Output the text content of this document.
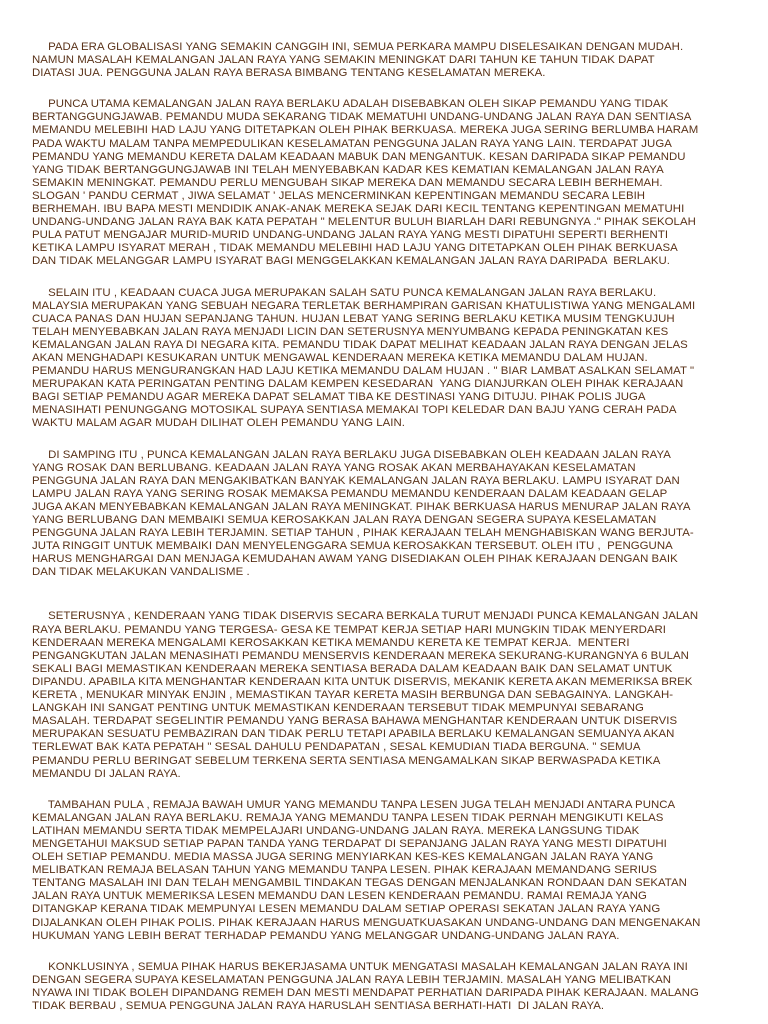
PADA ERA GLOBALISASI YANG SEMAKIN CANGGIH INI, SEMUA PERKARA MAMPU DISELESAIKAN DENGAN MUDAH.
NAMUN MASALAH KEMALANGAN JALAN RAYA YANG SEMAKIN MENINGKAT DARI TAHUN KE TAHUN TIDAK DAPAT
DIATASI JUA. PENGGUNA JALAN RAYA BERASA BIMBANG TENTANG KESELAMATAN MEREKA.
PUNCA UTAMA KEMALANGAN JALAN RAYA BERLAKU ADALAH DISEBABKAN OLEH SIKAP PEMANDU YANG TIDAK
BERTANGGUNGJAWAB. PEMANDU MUDA SEKARANG TIDAK MEMATUHI UNDANG-UNDANG JALAN RAYA DAN SENTIASA
MEMANDU MELEBIHI HAD LAJU YANG DITETAPKAN OLEH PIHAK BERKUASA. MEREKA JUGA SERING BERLUMBA HARAM
PADA WAKTU MALAM TANPA MEMPEDULIKAN KESELAMATAN PENGGUNA JALAN RAYA YANG LAIN. TERDAPAT JUGA
PEMANDU YANG MEMANDU KERETA DALAM KEADAAN MABUK DAN MENGANTUK. KESAN DARIPADA SIKAP PEMANDU
YANG TIDAK BERTANGGUNGJAWAB INI TELAH MENYEBABKAN KADAR KES KEMATIAN KEMALANGAN JALAN RAYA
SEMAKIN MENINGKAT. PEMANDU PERLU MENGUBAH SIKAP MEREKA DAN MEMANDU SECARA LEBIH BERHEMAH.
SLOGAN ' PANDU CERMAT , JIWA SELAMAT ' JELAS MENCERMINKAN KEPENTINGAN MEMANDU SECARA LEBIH
BERHEMAH. IBU BAPA MESTI MENDIDIK ANAK-ANAK MEREKA SEJAK DARI KECIL TENTANG KEPENTINGAN MEMATUHI
UNDANG-UNDANG JALAN RAYA BAK KATA PEPATAH " MELENTUR BULUH BIARLAH DARI REBUNGNYA ." PIHAK SEKOLAH
PULA PATUT MENGAJAR MURID-MURID UNDANG-UNDANG JALAN RAYA YANG MESTI DIPATUHI SEPERTI BERHENTI
KETIKA LAMPU ISYARAT MERAH , TIDAK MEMANDU MELEBIHI HAD LAJU YANG DITETAPKAN OLEH PIHAK BERKUASA
DAN TIDAK MELANGGAR LAMPU ISYARAT BAGI MENGGELAKKAN KEMALANGAN JALAN RAYA DARIPADA  BERLAKU.
SELAIN ITU , KEADAAN CUACA JUGA MERUPAKAN SALAH SATU PUNCA KEMALANGAN JALAN RAYA BERLAKU.
MALAYSIA MERUPAKAN YANG SEBUAH NEGARA TERLETAK BERHAMPIRAN GARISAN KHATULISTIWA YANG MENGALAMI
CUACA PANAS DAN HUJAN SEPANJANG TAHUN. HUJAN LEBAT YANG SERING BERLAKU KETIKA MUSIM TENGKUJUH
TELAH MENYEBABKAN JALAN RAYA MENJADI LICIN DAN SETERUSNYA MENYUMBANG KEPADA PENINGKATAN KES
KEMALANGAN JALAN RAYA DI NEGARA KITA. PEMANDU TIDAK DAPAT MELIHAT KEADAAN JALAN RAYA DENGAN JELAS
AKAN MENGHADAPI KESUKARAN UNTUK MENGAWAL KENDERAAN MEREKA KETIKA MEMANDU DALAM HUJAN.
PEMANDU HARUS MENGURANGKAN HAD LAJU KETIKA MEMANDU DALAM HUJAN . " BIAR LAMBAT ASALKAN SELAMAT "
MERUPAKAN KATA PERINGATAN PENTING DALAM KEMPEN KESEDARAN  YANG DIANJURKAN OLEH PIHAK KERAJAAN
BAGI SETIAP PEMANDU AGAR MEREKA DAPAT SELAMAT TIBA KE DESTINASI YANG DITUJU. PIHAK POLIS JUGA
MENASIHATI PENUNGGANG MOTOSIKAL SUPAYA SENTIASA MEMAKAI TOPI KELEDAR DAN BAJU YANG CERAH PADA
WAKTU MALAM AGAR MUDAH DILIHAT OLEH PEMANDU YANG LAIN.
DI SAMPING ITU , PUNCA KEMALANGAN JALAN RAYA BERLAKU JUGA DISEBABKAN OLEH KEADAAN JALAN RAYA
YANG ROSAK DAN BERLUBANG. KEADAAN JALAN RAYA YANG ROSAK AKAN MERBAHAYAKAN KESELAMATAN
PENGGUNA JALAN RAYA DAN MENGAKIBATKAN BANYAK KEMALANGAN JALAN RAYA BERLAKU. LAMPU ISYARAT DAN
LAMPU JALAN RAYA YANG SERING ROSAK MEMAKSA PEMANDU MEMANDU KENDERAAN DALAM KEADAAN GELAP
JUGA AKAN MENYEBABKAN KEMALANGAN JALAN RAYA MENINGKAT. PIHAK BERKUASA HARUS MENURAP JALAN RAYA
YANG BERLUBANG DAN MEMBAIKI SEMUA KEROSAKKAN JALAN RAYA DENGAN SEGERA SUPAYA KESELAMATAN
PENGGUNA JALAN RAYA LEBIH TERJAMIN. SETIAP TAHUN , PIHAK KERAJAAN TELAH MENGHABISKAN WANG BERJUTA-
JUTA RINGGIT UNTUK MEMBAIKI DAN MENYELENGGARA SEMUA KEROSAKKAN TERSEBUT. OLEH ITU ,  PENGGUNA
HARUS MENGHARGAI DAN MENJAGA KEMUDAHAN AWAM YANG DISEDIAKAN OLEH PIHAK KERAJAAN DENGAN BAIK
DAN TIDAK MELAKUKAN VANDALISME .
SETERUSNYA , KENDERAAN YANG TIDAK DISERVIS SECARA BERKALA TURUT MENJADI PUNCA KEMALANGAN JALAN
RAYA BERLAKU. PEMANDU YANG TERGESA- GESA KE TEMPAT KERJA SETIAP HARI MUNGKIN TIDAK MENYERDARI
KENDERAAN MEREKA MENGALAMI KEROSAKKAN KETIKA MEMANDU KERETA KE TEMPAT KERJA.  MENTERI
PENGANGKUTAN JALAN MENASIHATI PEMANDU MENSERVIS KENDERAAN MEREKA SEKURANG-KURANGNYA 6 BULAN
SEKALI BAGI MEMASTIKAN KENDERAAN MEREKA SENTIASA BERADA DALAM KEADAAN BAIK DAN SELAMAT UNTUK
DIPANDU. APABILA KITA MENGHANTAR KENDERAAN KITA UNTUK DISERVIS, MEKANIK KERETA AKAN MEMERIKSA BREK
KERETA , MENUKAR MINYAK ENJIN , MEMASTIKAN TAYAR KERETA MASIH BERBUNGA DAN SEBAGAINYA. LANGKAH-
LANGKAH INI SANGAT PENTING UNTUK MEMASTIKAN KENDERAAN TERSEBUT TIDAK MEMPUNYAI SEBARANG
MASALAH. TERDAPAT SEGELINTIR PEMANDU YANG BERASA BAHAWA MENGHANTAR KENDERAAN UNTUK DISERVIS
MERUPAKAN SESUATU PEMBAZIRAN DAN TIDAK PERLU TETAPI APABILA BERLAKU KEMALANGAN SEMUANYA AKAN
TERLEWAT BAK KATA PEPATAH " SESAL DAHULU PENDAPATAN , SESAL KEMUDIAN TIADA BERGUNA. " SEMUA
PEMANDU PERLU BERINGAT SEBELUM TERKENA SERTA SENTIASA MENGAMALKAN SIKAP BERWASPADA KETIKA
MEMANDU DI JALAN RAYA.
TAMBAHAN PULA , REMAJA BAWAH UMUR YANG MEMANDU TANPA LESEN JUGA TELAH MENJADI ANTARA PUNCA
KEMALANGAN JALAN RAYA BERLAKU. REMAJA YANG MEMANDU TANPA LESEN TIDAK PERNAH MENGIKUTI KELAS
LATIHAN MEMANDU SERTA TIDAK MEMPELAJARI UNDANG-UNDANG JALAN RAYA. MEREKA LANGSUNG TIDAK
MENGETAHUI MAKSUD SETIAP PAPAN TANDA YANG TERDAPAT DI SEPANJANG JALAN RAYA YANG MESTI DIPATUHI
OLEH SETIAP PEMANDU. MEDIA MASSA JUGA SERING MENYIARKAN KES-KES KEMALANGAN JALAN RAYA YANG
MELIBATKAN REMAJA BELASAN TAHUN YANG MEMANDU TANPA LESEN. PIHAK KERAJAAN MEMANDANG SERIUS
TENTANG MASALAH INI DAN TELAH MENGAMBIL TINDAKAN TEGAS DENGAN MENJALANKAN RONDAAN DAN SEKATAN
JALAN RAYA UNTUK MEMERIKSA LESEN MEMANDU DAN LESEN KENDERAAN PEMANDU. RAMAI REMAJA YANG
DITANGKAP KERANA TIDAK MEMPUNYAI LESEN MEMANDU DALAM SETIAP OPERASI SEKATAN JALAN RAYA YANG
DIJALANKAN OLEH PIHAK POLIS. PIHAK KERAJAAN HARUS MENGUATKUASAKAN UNDANG-UNDANG DAN MENGENAKAN
HUKUMAN YANG LEBIH BERAT TERHADAP PEMANDU YANG MELANGGAR UNDANG-UNDANG JALAN RAYA.
KONKLUSINYA , SEMUA PIHAK HARUS BEKERJASAMA UNTUK MENGATASI MASALAH KEMALANGAN JALAN RAYA INI
DENGAN SEGERA SUPAYA KESELAMATAN PENGGUNA JALAN RAYA LEBIH TERJAMIN. MASALAH YANG MELIBATKAN
NYAWA INI TIDAK BOLEH DIPANDANG REMEH DAN MESTI MENDAPAT PERHATIAN DARIPADA PIHAK KERAJAAN. MALANG
TIDAK BERBAU , SEMUA PENGGUNA JALAN RAYA HARUSLAH SENTIASA BERHATI-HATI  DI JALAN RAYA.
